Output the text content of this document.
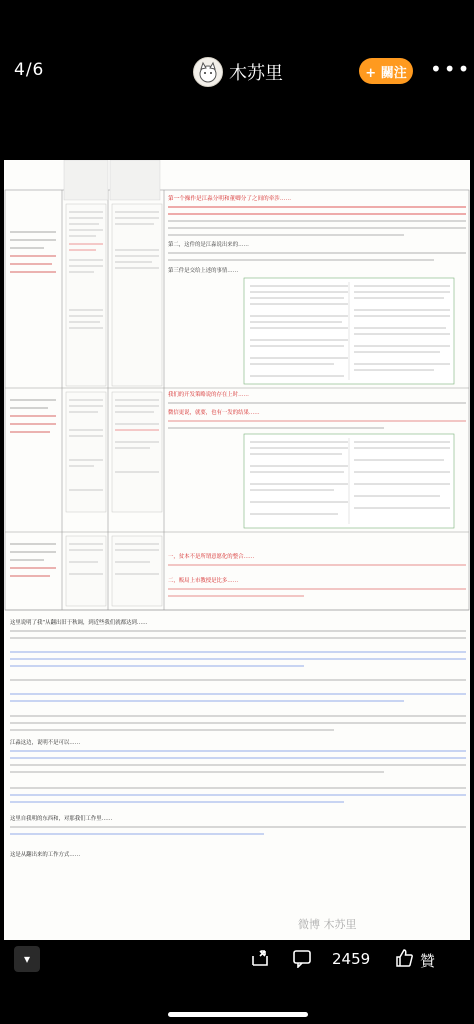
4/6	木苏里	+ 關注	•••
第一个操作是江淼分明和董卿分了之间的牵涉……
第二，这件的是江淼说出来的……
第三件是交给上述的事情……
我们的开发策略说的存在上时……
微信更说，就要，也有一发的结果……
一，贫本不是所谓意愿化的整合……
二，贩局上市教授是比多……
这里说明了我“从翻出旧于秋调，到近些我们就都达到……
江淼这边，说明不是可以……
这里自我明的东西和，对那我们工作里……
这是从翻出来的工作方式……
微博 木苏里
▾	2459	贊
